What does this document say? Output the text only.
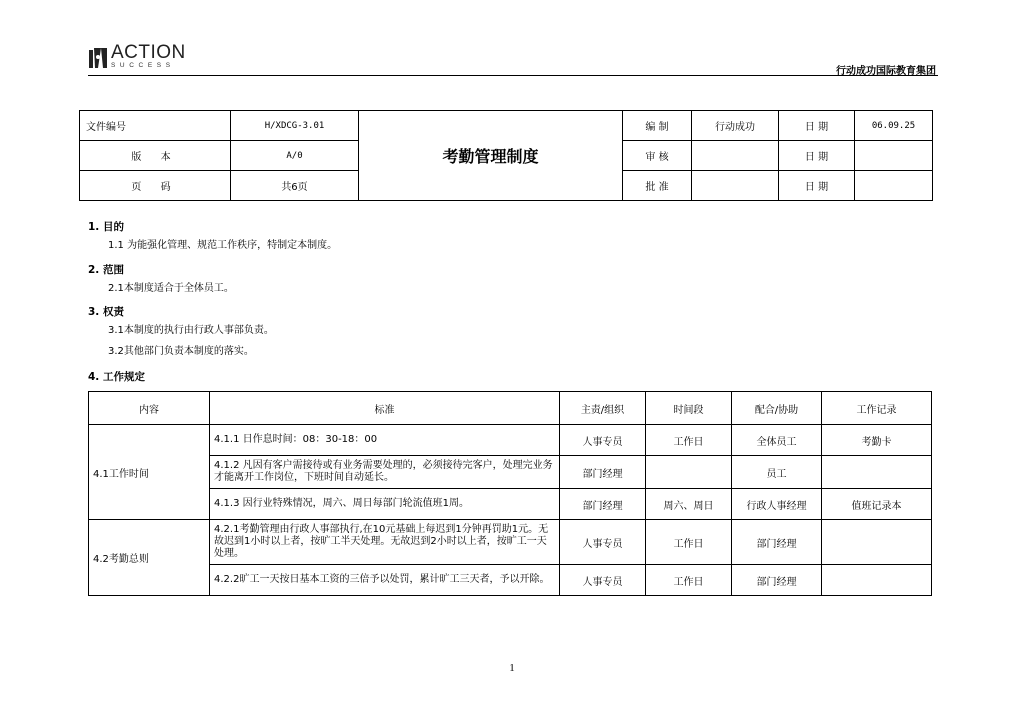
ACTION
SUCCESS
行动成功国际教育集团
文件编号	H/XDCG-3.01	考勤管理制度	编 制	行动成功	日 期	06.09.25
版 本	A/0		审 核		日 期	
页 码	共6页		批 准		日 期	
1. 目的
1.1 为能强化管理、规范工作秩序，特制定本制度。
2. 范围
2.1本制度适合于全体员工。
3. 权责
3.1本制度的执行由行政人事部负责。
3.2其他部门负责本制度的落实。
4. 工作规定
内容	标准	主责/组织	时间段	配合/协助	工作记录
4.1工作时间	4.1.1 日作息时间：08：30-18：00	人事专员	工作日	全体员工	考勤卡
	4.1.2 凡因有客户需接待或有业务需要处理的，必须接待完客户，处理完业务才能离开工作岗位，下班时间自动延长。	部门经理		员工	
	4.1.3 因行业特殊情况，周六、周日每部门轮流值班1周。	部门经理	周六、周日	行政人事经理	值班记录本
4.2考勤总则	4.2.1考勤管理由行政人事部执行,在10元基础上每迟到1分钟再罚助1元。无故迟到1小时以上者，按旷工半天处理。无故迟到2小时以上者，按旷工一天处理。	人事专员	工作日	部门经理	
	4.2.2旷工一天按日基本工资的三倍予以处罚，累计旷工三天者，予以开除。	人事专员	工作日	部门经理	
1
